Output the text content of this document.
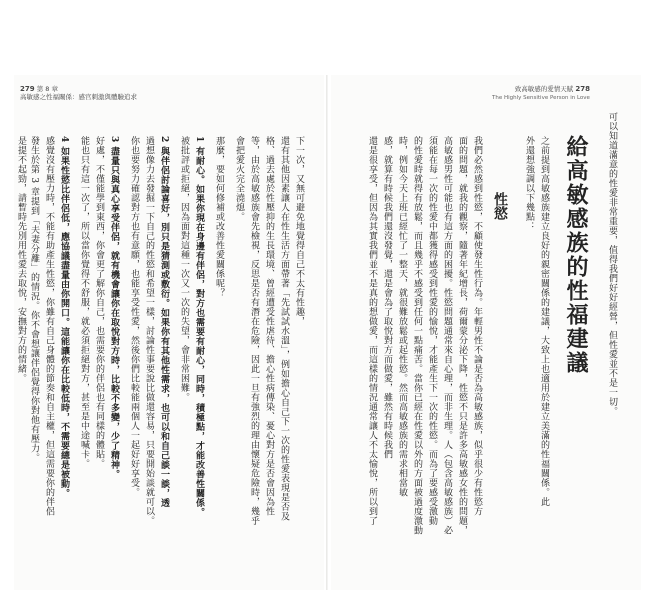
279 第 8 章
高敏感之性福關係：感官刺激與體驗追求
致高敏感的愛情天賦 278
The Highly Sensitive Person in Love
可以知道滿意的性愛非常重要，值得我們好好經營，但性愛並不是一切。
給高敏感族的性福建議
之前提到高敏感族建立良好的親密關係的建議，大致上也適用於建立美滿的性福關係。此
外還想強調以下幾點：
性慾
我們必然感到性慾，不顧使發生性行為。年輕男性不論是否為高敏感族，似乎很少有性慾方
面的問題，就我的觀察，隨著年紀增長，荷爾蒙分泌下降，性慾不只是許多高敏感女性的問題，
高敏感男性可能也有這方面的困擾。性慾問題通常來自心理，而非生理。人（包含高敏感族）必
須能在每一次的性愛中都獲得感受到性愛的愉悅，才能產生下一次的性慾。而為了要感受激動
的性愛時就得有放鬆，而且幾乎不感受到任何一點痛苦。當你已經在性愛以外的方面被過度激動
時，例如今天上班已經忙了一整天，就很難放鬆或起性慾。然而高敏感族的需求相當敏
感，就算有時候我們還沒發覺，還是會為了取悅對方而做愛，雖然有時候我們
還是很享受，但因為其實我們並不是真的想做愛，而這樣的情況通常讓人不太愉悅，所以到了
下一次，又無可避免地覺得自己不太有性趣，
還有其他因素讓人在性生活方面帶著「先試試水溫」，例如擔心自己下一次的性愛表現是否及
格、過去處於性壓抑的生長環境、曾經遭受性虐待、擔心性病傳染、憂心對方是否會因為性
等，由於高敏感族會先檢視，反思是否有潛在危險，因此一旦有強烈的理由懷疑危險時，幾乎
會把愛火完全澆熄。
那麼，要如何修補或改善性愛關係呢？
1 有耐心。如果你現在身邊有伴侶，對方也需要有耐心，同時，積極點，才能改善性關係。
被批評或拒絕，因為面對這種一次又一次的失望，會非常困難。
2 與伴侶討論喜好，別只是猜測或敷衍。如果你有其他性需求，也可以和自己談一談，透
過想像力去發掘一下自己的性慾和希望一樣，討論性事要說比做還容易，只要開始談就可以。
你也要努力確認對方也有意願，也能享受性愛，然後你們比較能兩個人一起好好享受。
3 盡量只與真心享受伴侶，就有機會讓你在取悅對方時，比較不多變，少了精神。
好處，不僅能學到東西，你會更了解你自己，也需要你的伴侶也有同樣的體貼。
能也只有這一次了，所以當你覺得不舒服，就必須拒絕對方，甚至是中途喊卡。
4 如果性慾比伴侶低，應協議盡量由你開口。這能讓你在比較低時，不需要總是被動。
感覺沒有壓力時，不能有助產生性慾，你雖有自己身體的節奏和自主權，但這需要你的伴侶
發生於第 3 章提到「夫妻分離」的情況。你不會想讓伴侶覺得你對他有壓力。
是提不起勁，請暫時先別用性愛去取悅，安撫對方的情緒。
